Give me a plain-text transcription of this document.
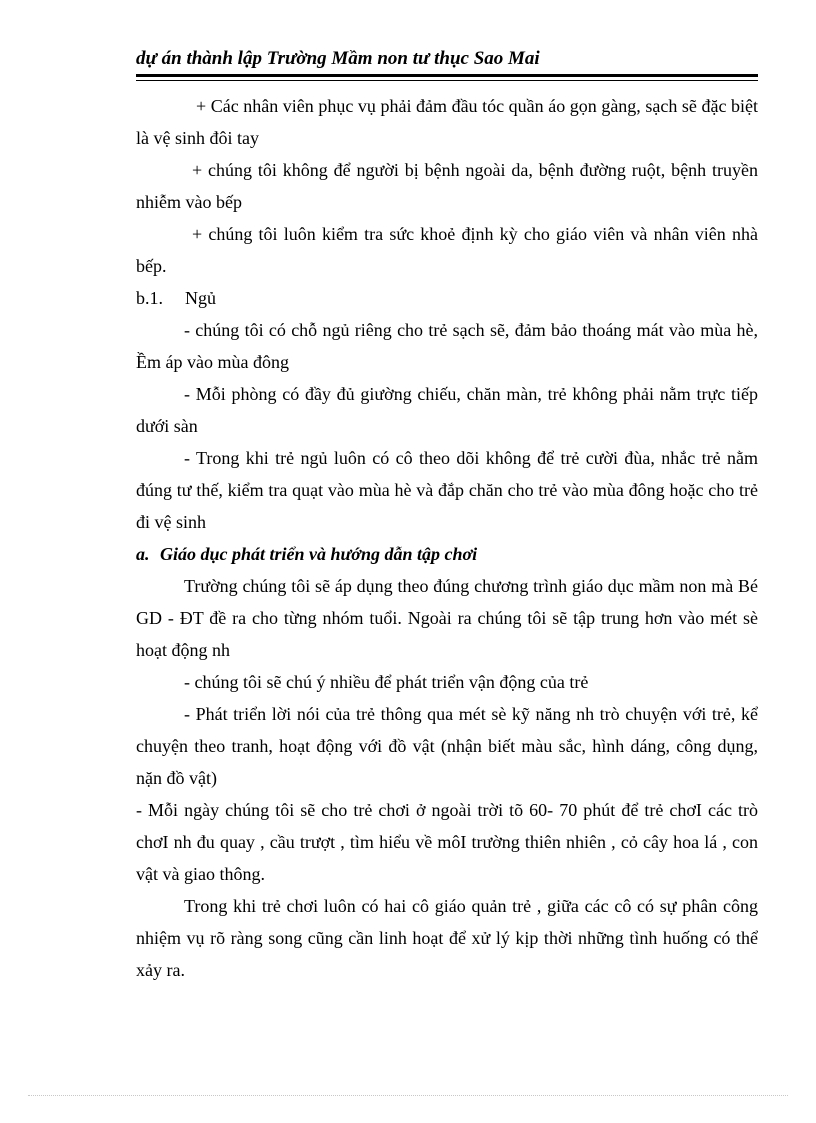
dự án thành lập Trường Mầm non tư thục Sao Mai

+ Các nhân viên phục vụ phải đảm đầu tóc quần áo gọn gàng, sạch sẽ đặc biệt là vệ sinh đôi tay

+ chúng tôi không để người bị bệnh ngoài da, bệnh đường ruột, bệnh truyền nhiễm vào bếp

+ chúng tôi luôn kiểm tra sức khoẻ định kỳ cho giáo viên và nhân viên nhà bếp.

b.1. Ngủ

- chúng tôi có chỗ ngủ riêng cho trẻ sạch sẽ, đảm bảo thoáng mát vào mùa hè, Ềm áp vào mùa đông

- Mỗi phòng có đầy đủ giường chiếu, chăn màn, trẻ không phải nằm trực tiếp dưới sàn

- Trong khi trẻ ngủ luôn có cô theo dõi không để trẻ cười đùa, nhắc trẻ nằm đúng tư thế, kiểm tra quạt vào mùa hè và đắp chăn cho trẻ vào mùa đông hoặc cho trẻ đi vệ sinh

a. Giáo dục phát triển và hướng dẫn tập chơi

Trường chúng tôi sẽ áp dụng theo đúng chương trình giáo dục mầm non mà Bé GD - ĐT đề ra cho từng nhóm tuổi. Ngoài ra chúng tôi sẽ tập trung hơn vào mét sè hoạt động nh

- chúng tôi sẽ chú ý nhiều để phát triển vận động của trẻ

- Phát triển lời nói của trẻ thông qua mét sè kỹ năng nh trò chuyện với trẻ, kể chuyện theo tranh, hoạt động với đồ vật (nhận biết màu sắc, hình dáng, công dụng, nặn đồ vật)

- Mỗi ngày chúng tôi sẽ cho trẻ chơi ở ngoài trời tõ 60- 70 phút để trẻ chơI các trò chơI nh đu quay , cầu trượt , tìm hiểu về môI trường thiên nhiên , cỏ cây hoa lá , con vật và giao thông.

Trong khi trẻ chơi luôn có hai cô giáo quản trẻ , giữa các cô có sự phân công nhiệm vụ rõ ràng song cũng cần linh hoạt để xử lý kịp thời những tình huống có thể xảy ra.
